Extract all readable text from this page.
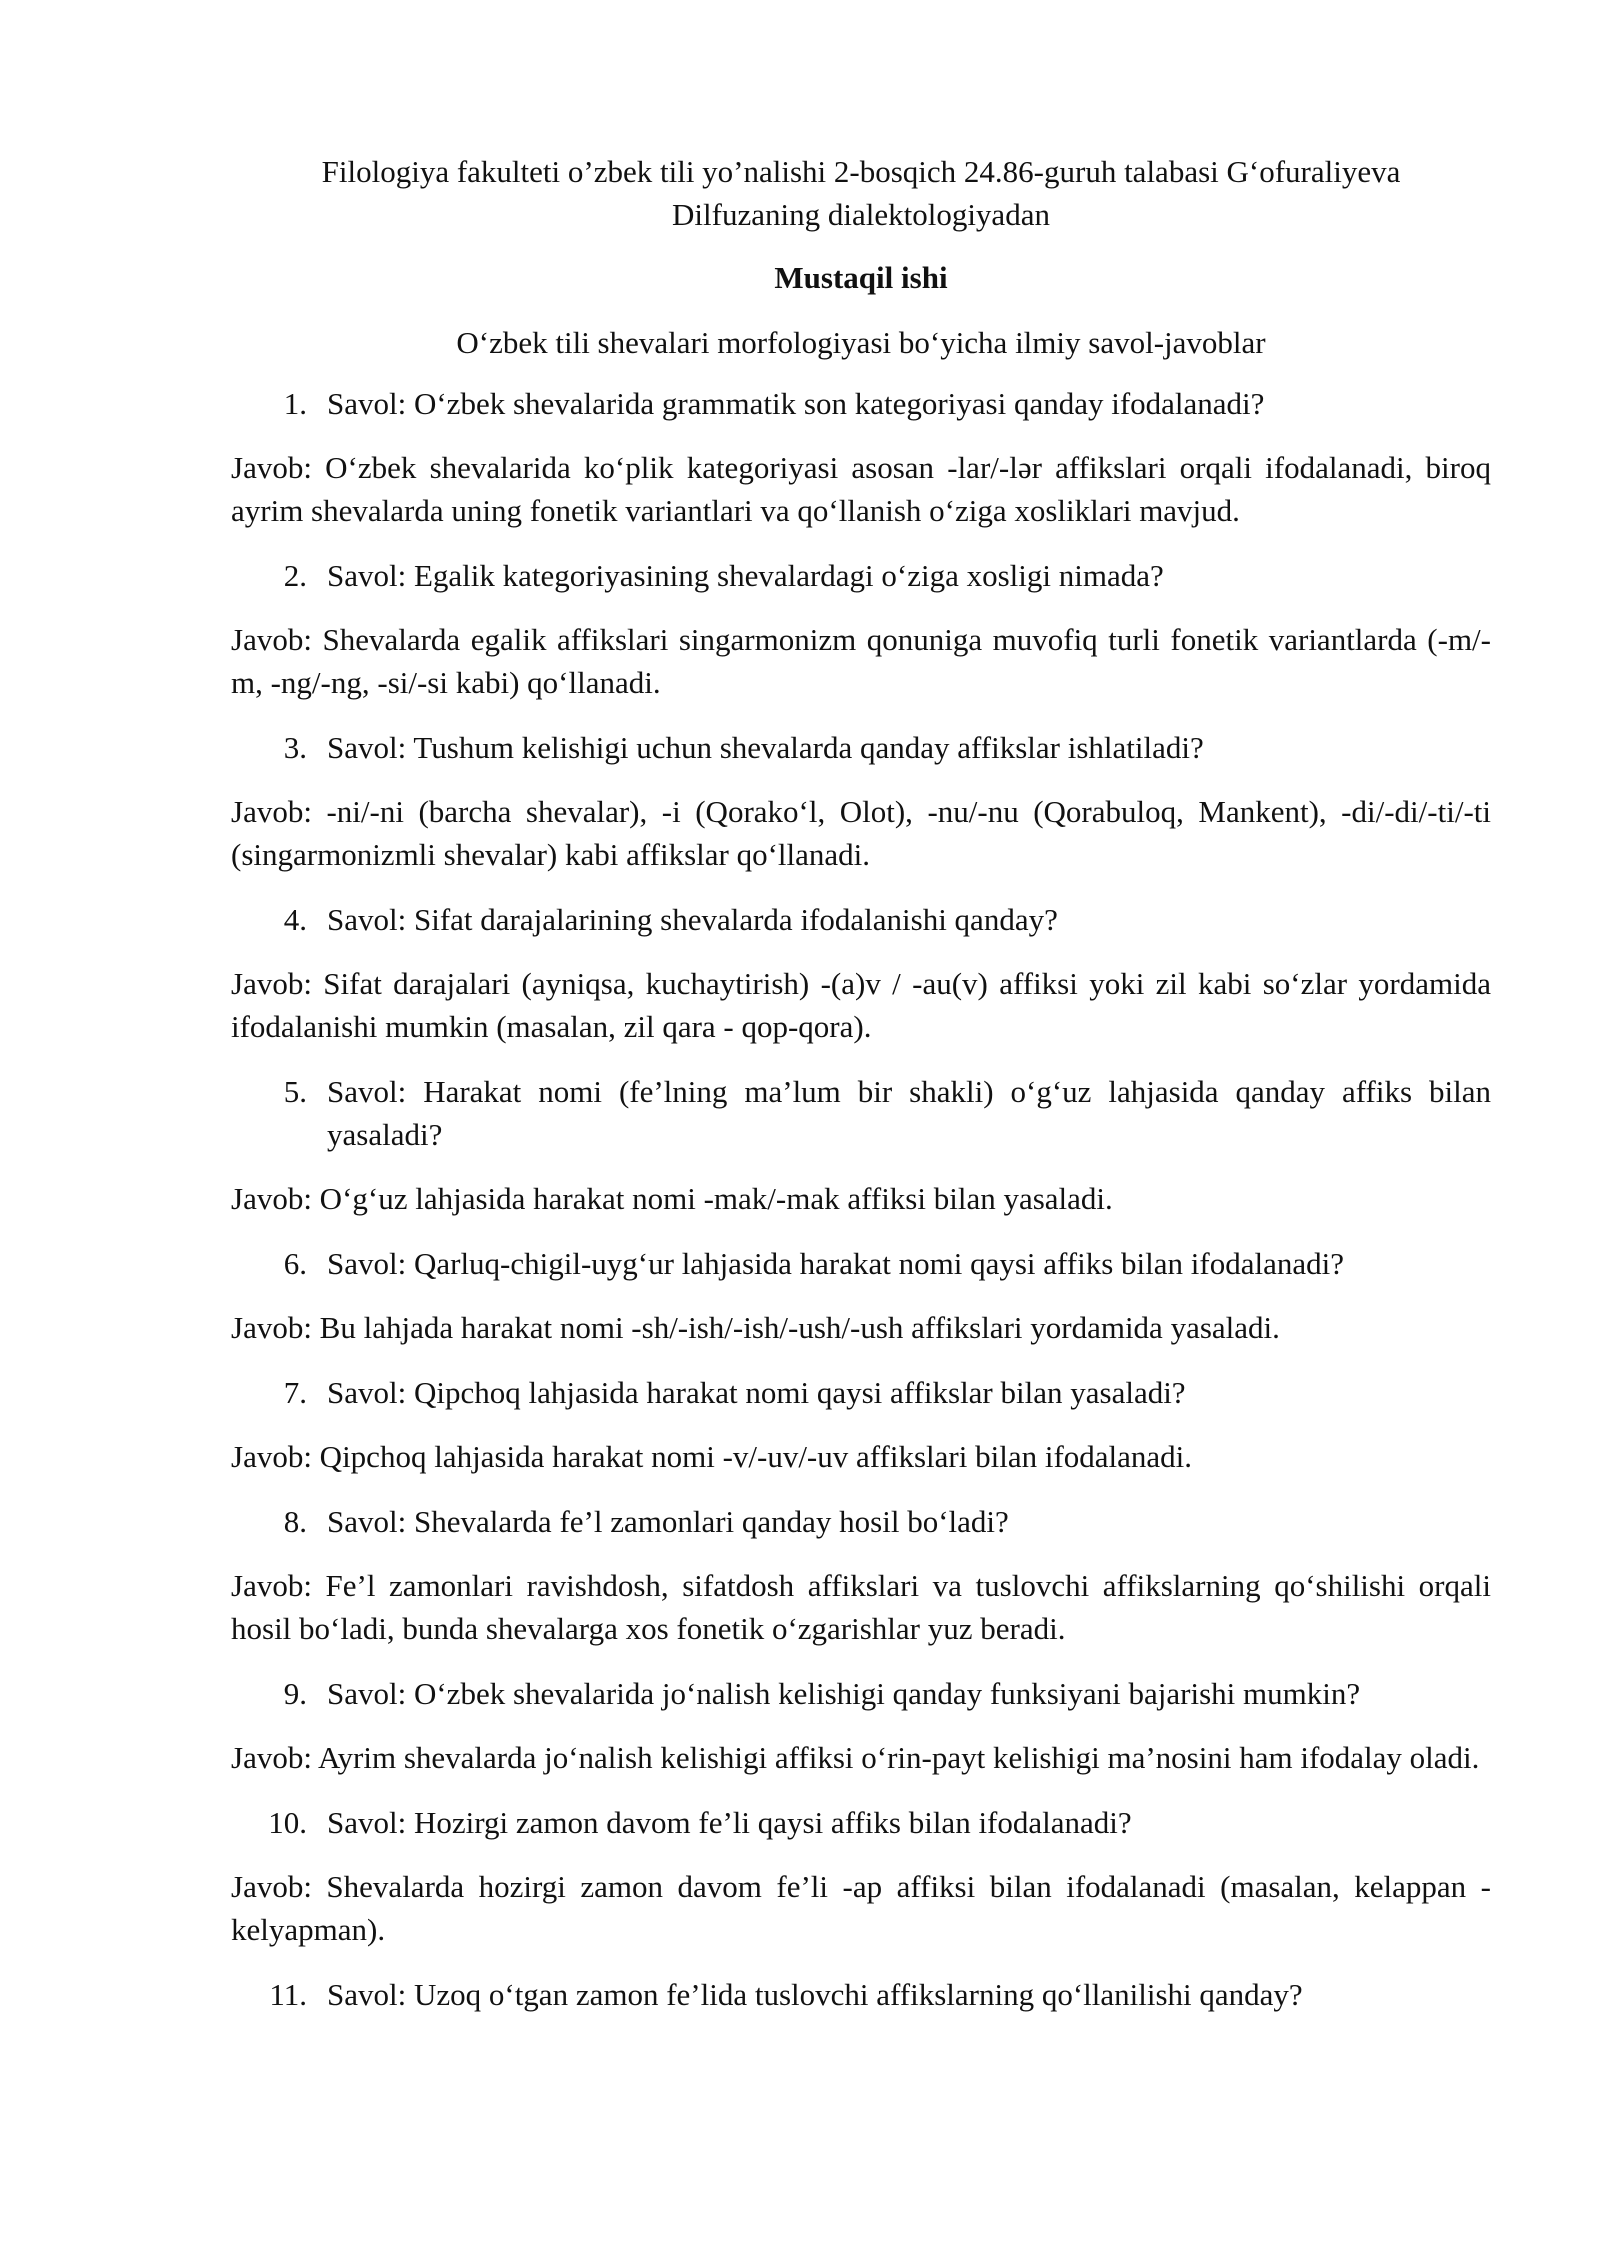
Filologiya fakulteti o’zbek tili yo’nalishi 2-bosqich 24.86-guruh talabasi G‘ofuraliyeva

Dilfuzaning dialektologiyadan

Mustaqil ishi

O‘zbek tili shevalari morfologiyasi bo‘yicha ilmiy savol-javoblar

1. Savol: O‘zbek shevalarida grammatik son kategoriyasi qanday ifodalanadi?

Javob: O‘zbek shevalarida ko‘plik kategoriyasi asosan -lar/-lər affikslari orqali ifodalanadi, biroq ayrim shevalarda uning fonetik variantlari va qo‘llanish o‘ziga xosliklari mavjud.

2. Savol: Egalik kategoriyasining shevalardagi o‘ziga xosligi nimada?

Javob: Shevalarda egalik affikslari singarmonizm qonuniga muvofiq turli fonetik variantlarda (-m/-m, -ng/-ng, -si/-si kabi) qo‘llanadi.

3. Savol: Tushum kelishigi uchun shevalarda qanday affikslar ishlatiladi?

Javob: -ni/-ni (barcha shevalar), -i (Qorako‘l, Olot), -nu/-nu (Qorabuloq, Mankent), -di/-di/-ti/-ti (singarmonizmli shevalar) kabi affikslar qo‘llanadi.

4. Savol: Sifat darajalarining shevalarda ifodalanishi qanday?

Javob: Sifat darajalari (ayniqsa, kuchaytirish) -(a)v / -au(v) affiksi yoki zil kabi so‘zlar yordamida ifodalanishi mumkin (masalan, zil qara - qop-qora).

5. Savol: Harakat nomi (fe’lning ma’lum bir shakli) o‘g‘uz lahjasida qanday affiks bilan yasaladi?

Javob: O‘g‘uz lahjasida harakat nomi -mak/-mak affiksi bilan yasaladi.

6. Savol: Qarluq-chigil-uyg‘ur lahjasida harakat nomi qaysi affiks bilan ifodalanadi?

Javob: Bu lahjada harakat nomi -sh/-ish/-ish/-ush/-ush affikslari yordamida yasaladi.

7. Savol: Qipchoq lahjasida harakat nomi qaysi affikslar bilan yasaladi?

Javob: Qipchoq lahjasida harakat nomi -v/-uv/-uv affikslari bilan ifodalanadi.

8. Savol: Shevalarda fe’l zamonlari qanday hosil bo‘ladi?

Javob: Fe’l zamonlari ravishdosh, sifatdosh affikslari va tuslovchi affikslarning qo‘shilishi orqali hosil bo‘ladi, bunda shevalarga xos fonetik o‘zgarishlar yuz beradi.

9. Savol: O‘zbek shevalarida jo‘nalish kelishigi qanday funksiyani bajarishi mumkin?

Javob: Ayrim shevalarda jo‘nalish kelishigi affiksi o‘rin-payt kelishigi ma’nosini ham ifodalay oladi.

10. Savol: Hozirgi zamon davom fe’li qaysi affiks bilan ifodalanadi?

Javob: Shevalarda hozirgi zamon davom fe’li -ap affiksi bilan ifodalanadi (masalan, kelappan - kelyapman).

11. Savol: Uzoq o‘tgan zamon fe’lida tuslovchi affikslarning qo‘llanilishi qanday?
